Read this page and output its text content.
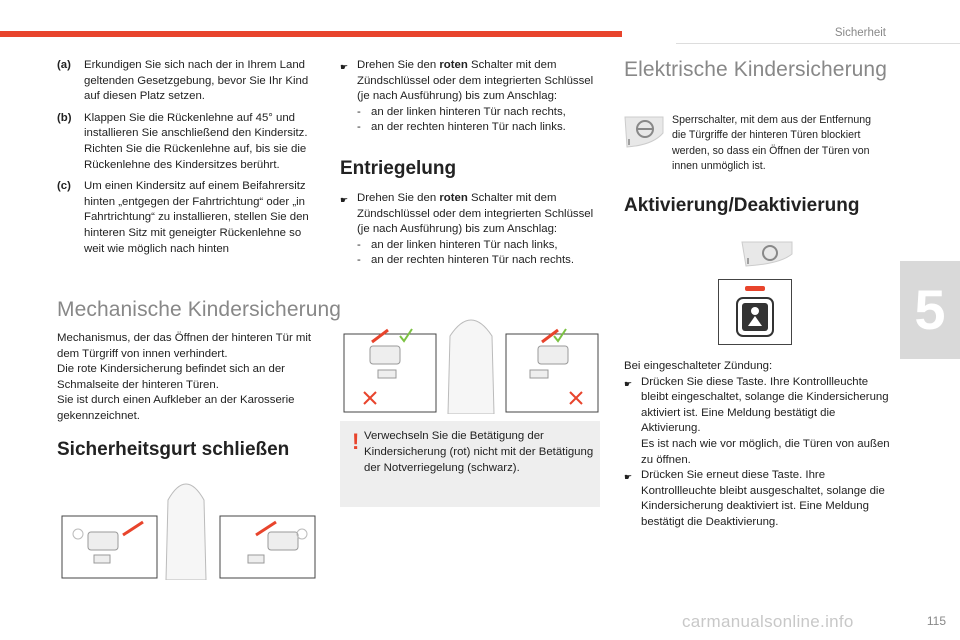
Sicherheit
5
(a)	Erkundigen Sie sich nach der in Ihrem Land geltenden Gesetzgebung, bevor Sie Ihr Kind auf diesen Platz setzen.
(b)	Klappen Sie die Rückenlehne auf 45° und installieren Sie anschließend den Kindersitz.
Richten Sie die Rückenlehne auf, bis sie die Rückenlehne des Kindersitzes berührt.
(c)	Um einen Kindersitz auf einem Beifahrersitz hinten „entgegen der Fahrtrichtung“ oder „in Fahrtrichtung“ zu installieren, stellen Sie den hinteren Sitz mit geneigter Rückenlehne so weit wie möglich nach hinten
Mechanische Kindersicherung
Mechanismus, der das Öffnen der hinteren Tür mit dem Türgriff von innen verhindert.
Die rote Kindersicherung befindet sich an der Schmalseite der hinteren Türen.
Sie ist durch einen Aufkleber an der Karosserie gekennzeichnet.
Sicherheitsgurt schließen
☛ Drehen Sie den roten Schalter mit dem Zündschlüssel oder dem integrierten Schlüssel (je nach Ausführung) bis zum Anschlag:
- an der linken hinteren Tür nach rechts,
- an der rechten hinteren Tür nach links.
Entriegelung
☛ Drehen Sie den roten Schalter mit dem Zündschlüssel oder dem integrierten Schlüssel (je nach Ausführung) bis zum Anschlag:
- an der linken hinteren Tür nach links,
- an der rechten hinteren Tür nach rechts.
! Verwechseln Sie die Betätigung der Kindersicherung (rot) nicht mit der Betätigung der Notverriegelung (schwarz).
Elektrische Kindersicherung
Sperrschalter, mit dem aus der Entfernung die Türgriffe der hinteren Türen blockiert werden, so dass ein Öffnen der Türen von innen unmöglich ist.
Aktivierung/Deaktivierung
Bei eingeschalteter Zündung:
☛ Drücken Sie diese Taste. Ihre Kontrollleuchte bleibt eingeschaltet, solange die Kindersicherung aktiviert ist. Eine Meldung bestätigt die Aktivierung.
Es ist nach wie vor möglich, die Türen von außen zu öffnen.
☛ Drücken Sie erneut diese Taste. Ihre Kontrollleuchte bleibt ausgeschaltet, solange die Kindersicherung deaktiviert ist. Eine Meldung bestätigt die Deaktivierung.
carmanualsonline.info	115
